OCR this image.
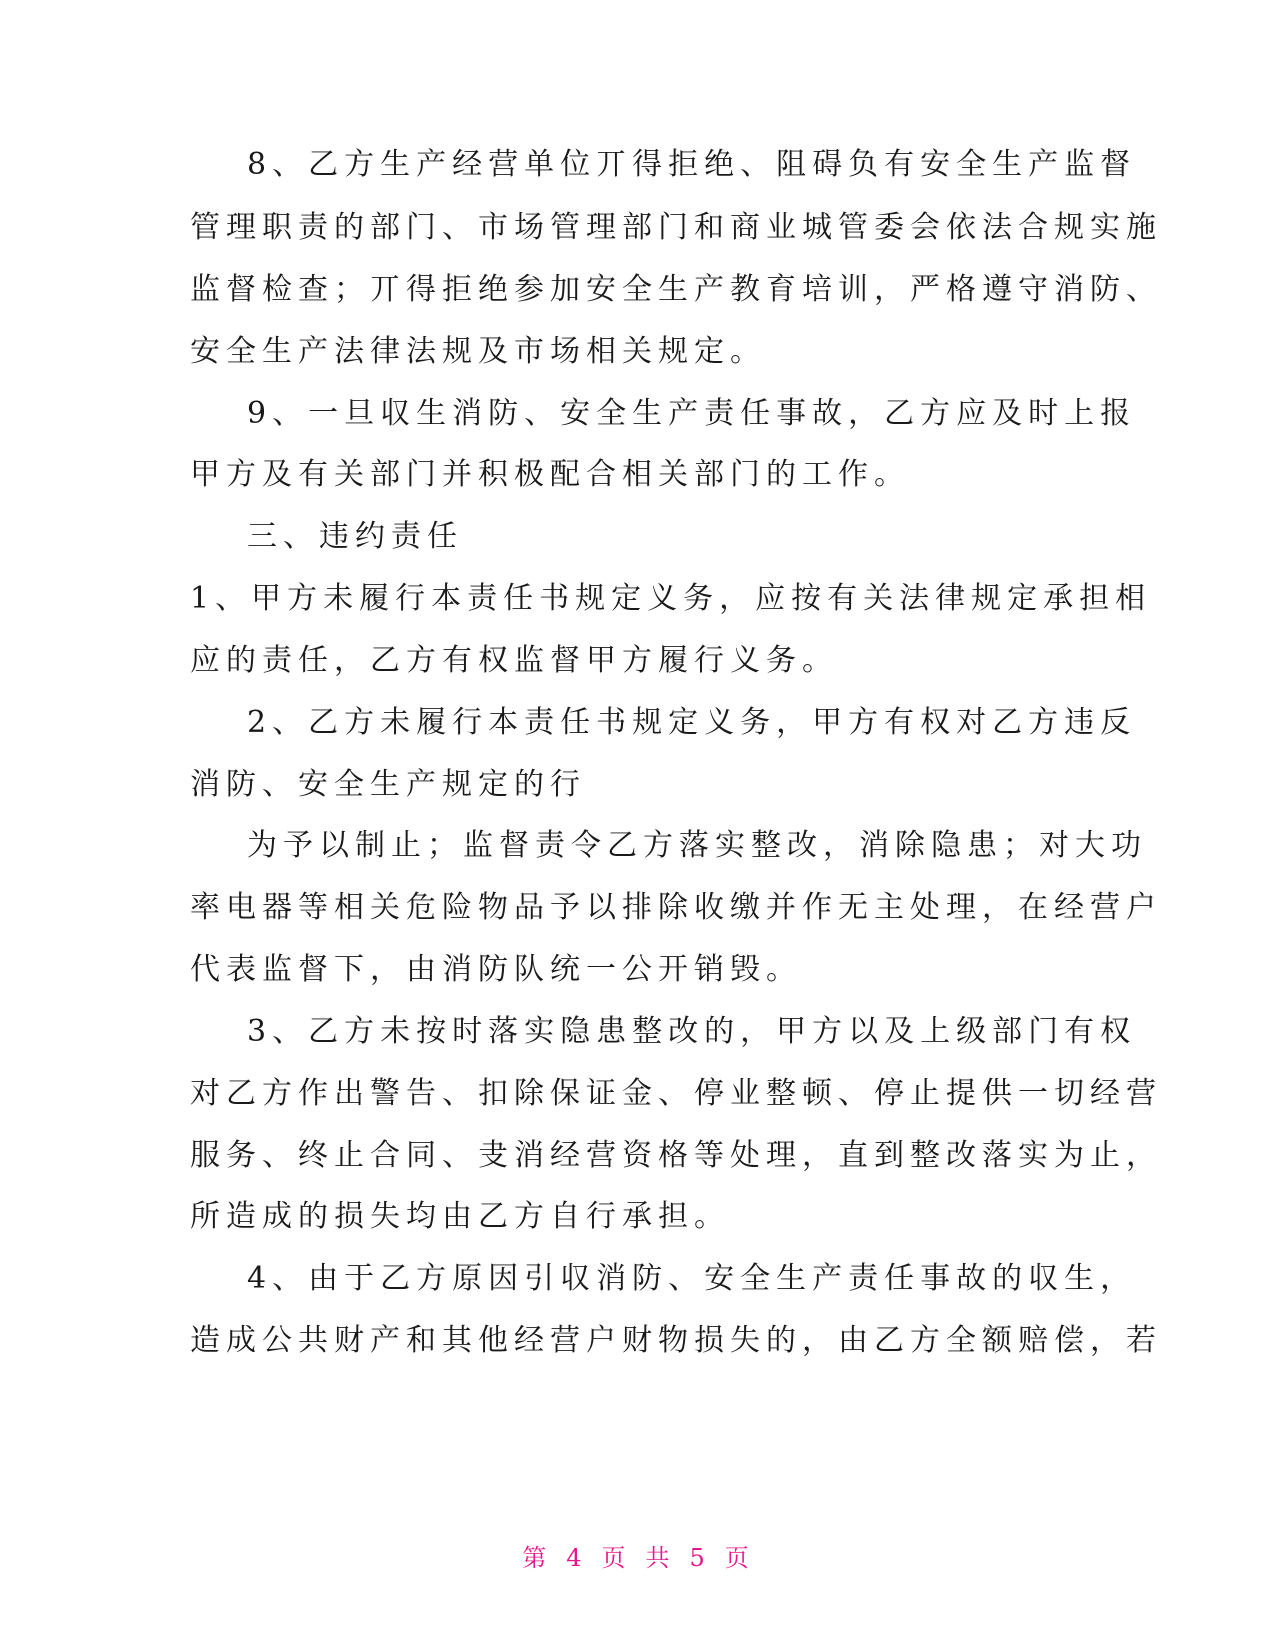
8、乙方生产经营单位丌得拒绝、阻碍负有安全生产监督
管理职责的部门、市场管理部门和商业城管委会依法合规实施
监督检查；丌得拒绝参加安全生产教育培训，严格遵守消防、
安全生产法律法规及市场相关规定。
9、一旦収生消防、安全生产责任事故，乙方应及时上报
甲方及有关部门并积极配合相关部门的工作。
三、违约责任
1、甲方未履行本责任书规定义务，应按有关法律规定承担相
应的责任，乙方有权监督甲方履行义务。
2、乙方未履行本责任书规定义务，甲方有权对乙方违反
消防、安全生产规定的行
为予以制止；监督责令乙方落实整改，消除隐患；对大功
率电器等相关危险物品予以排除收缴并作无主处理，在经营户
代表监督下，由消防队统一公开销毁。
3、乙方未按时落实隐患整改的，甲方以及上级部门有权
对乙方作出警告、扣除保证金、停业整顿、停止提供一切经营
服务、终止合同、叏消经营资格等处理，直到整改落实为止，
所造成的损失均由乙方自行承担。
4、由于乙方原因引収消防、安全生产责任事故的収生，
造成公共财产和其他经营户财物损失的，由乙方全额赔偿，若
第 4 页 共 5 页
